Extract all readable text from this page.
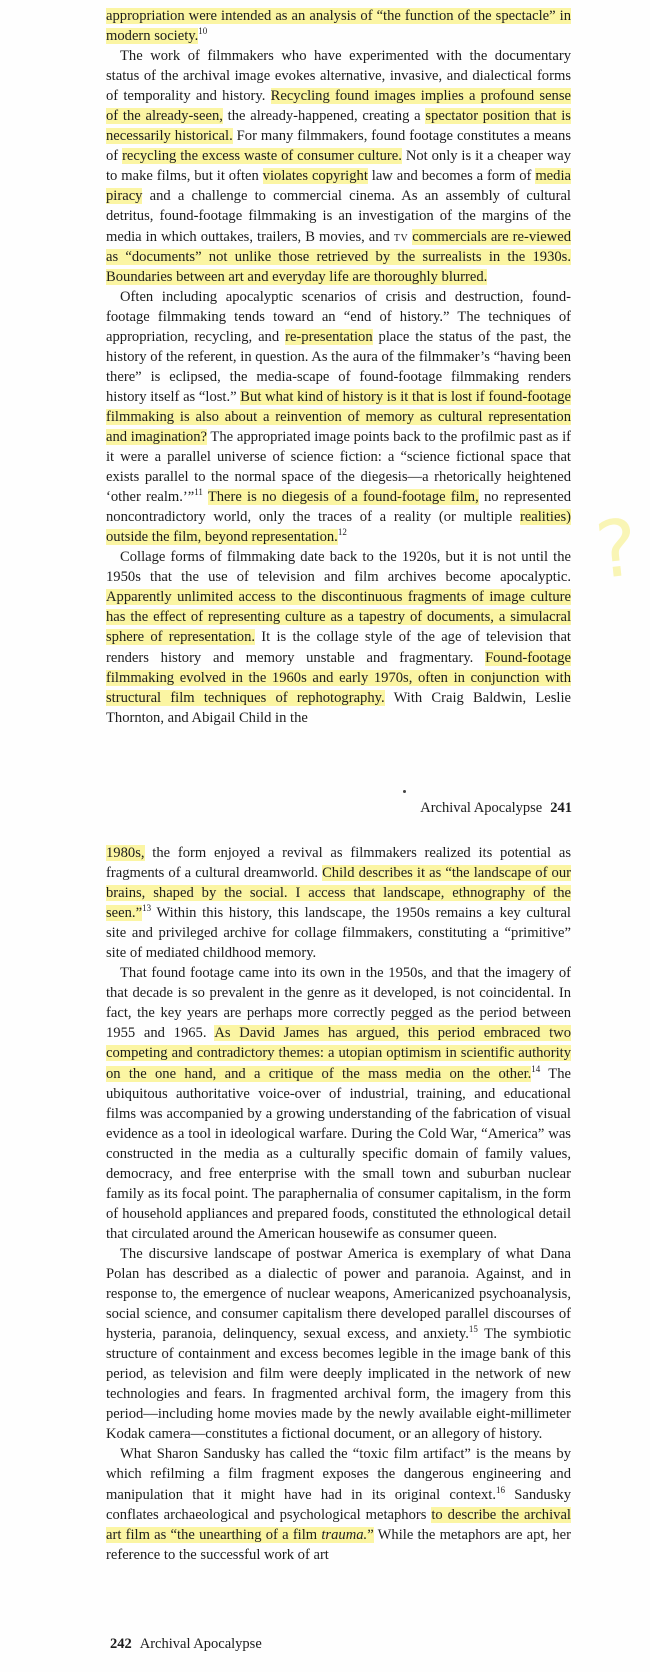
appropriation were intended as an analysis of “the function of the spectacle” in modern society.$^{10}$

The work of filmmakers who have experimented with the documentary status of the archival image evokes alternative, invasive, and dialectical forms of temporality and history. Recycling found images implies a profound sense of the already-seen, the already-happened, creating a spectator position that is necessarily historical. For many filmmakers, found footage constitutes a means of recycling the excess waste of consumer culture. Not only is it a cheaper way to make films, but it often violates copyright law and becomes a form of media piracy and a challenge to commercial cinema. As an assembly of cultural detritus, found-footage filmmaking is an investigation of the margins of the media in which outtakes, trailers, B movies, and tv commercials are re-viewed as “documents” not unlike those retrieved by the surrealists in the 1930s. Boundaries between art and everyday life are thoroughly blurred.

Often including apocalyptic scenarios of crisis and destruction, found-footage filmmaking tends toward an “end of history.” The techniques of appropriation, recycling, and re-presentation place the status of the past, the history of the referent, in question. As the aura of the filmmaker’s “having been there” is eclipsed, the media-scape of found-footage filmmaking renders history itself as “lost.” But what kind of history is it that is lost if found-footage filmmaking is also about a reinvention of memory as cultural representation and imagination? The appropriated image points back to the profilmic past as if it were a parallel universe of science fiction: a “science fictional space that exists parallel to the normal space of the diegesis—a rhetorically heightened ‘other realm.’”$^{11}$ There is no diegesis of a found-footage film, no represented noncontradictory world, only the traces of a reality (or multiple realities) outside the film, beyond representation.$^{12}$

Collage forms of filmmaking date back to the 1920s, but it is not until the 1950s that the use of television and film archives become apocalyptic. Apparently unlimited access to the discontinuous fragments of image culture has the effect of representing culture as a tapestry of documents, a simulacral sphere of representation. It is the collage style of the age of television that renders history and memory unstable and fragmentary. Found-footage filmmaking evolved in the 1960s and early 1970s, often in conjunction with structural film techniques of rephotography. With Craig Baldwin, Leslie Thornton, and Abigail Child in the

Archival Apocalypse 241

1980s, the form enjoyed a revival as filmmakers realized its potential as fragments of a cultural dreamworld. Child describes it as “the landscape of our brains, shaped by the social. I access that landscape, ethnography of the seen.”$^{13}$ Within this history, this landscape, the 1950s remains a key cultural site and privileged archive for collage filmmakers, constituting a “primitive” site of mediated childhood memory.

That found footage came into its own in the 1950s, and that the imagery of that decade is so prevalent in the genre as it developed, is not coincidental. In fact, the key years are perhaps more correctly pegged as the period between 1955 and 1965. As David James has argued, this period embraced two competing and contradictory themes: a utopian optimism in scientific authority on the one hand, and a critique of the mass media on the other.$^{14}$ The ubiquitous authoritative voice-over of industrial, training, and educational films was accompanied by a growing understanding of the fabrication of visual evidence as a tool in ideological warfare. During the Cold War, “America” was constructed in the media as a culturally specific domain of family values, democracy, and free enterprise with the small town and suburban nuclear family as its focal point. The paraphernalia of consumer capitalism, in the form of household appliances and prepared foods, constituted the ethnological detail that circulated around the American housewife as consumer queen.

The discursive landscape of postwar America is exemplary of what Dana Polan has described as a dialectic of power and paranoia. Against, and in response to, the emergence of nuclear weapons, Americanized psychoanalysis, social science, and consumer capitalism there developed parallel discourses of hysteria, paranoia, delinquency, sexual excess, and anxiety.$^{15}$ The symbiotic structure of containment and excess becomes legible in the image bank of this period, as television and film were deeply implicated in the network of new technologies and fears. In fragmented archival form, the imagery from this period—including home movies made by the newly available eight-millimeter Kodak camera—constitutes a fictional document, or an allegory of history.

What Sharon Sandusky has called the “toxic film artifact” is the means by which refilming a film fragment exposes the dangerous engineering and manipulation that it might have had in its original context.$^{16}$ Sandusky conflates archaeological and psychological metaphors to describe the archival art film as “the unearthing of a film trauma.” While the metaphors are apt, her reference to the successful work of art

242 Archival Apocalypse
?
